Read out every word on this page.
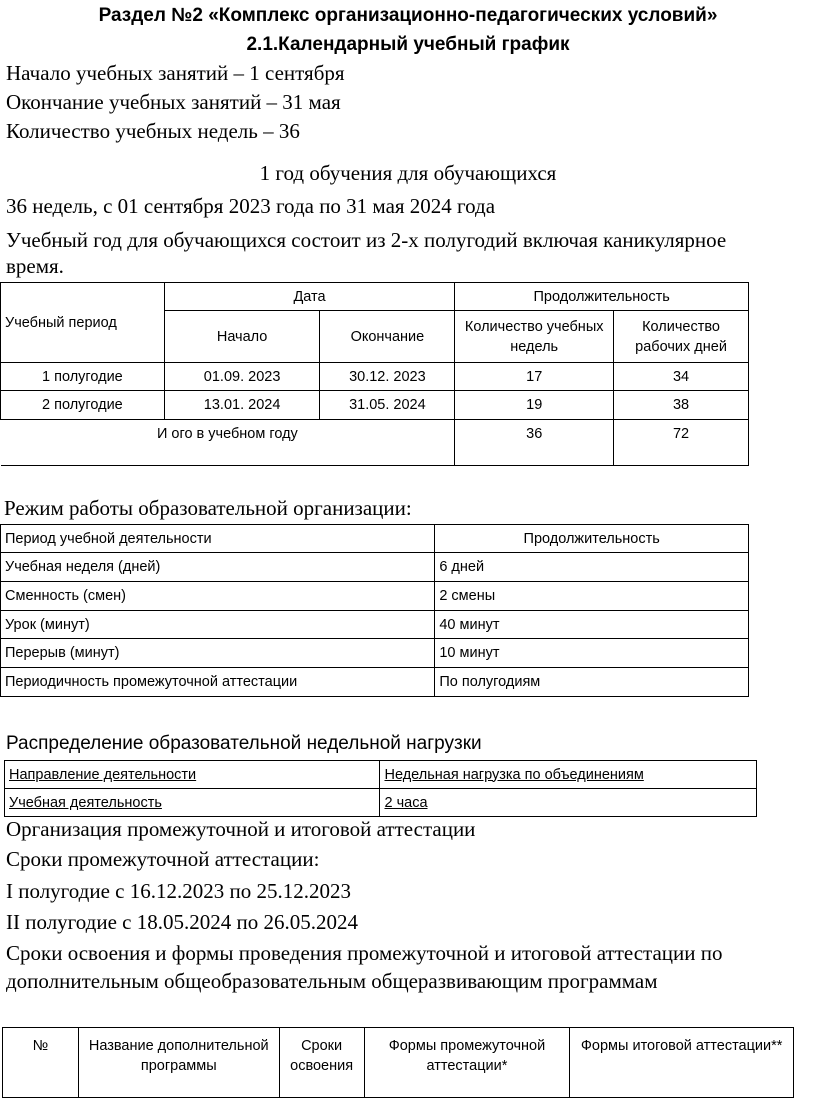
Раздел №2 «Комплекс организационно-педагогических условий»
2.1.Календарный учебный график
Начало учебных занятий – 1 сентября
Окончание учебных занятий – 31 мая
Количество учебных недель – 36
1 год обучения для обучающихся
36 недель, с 01 сентября 2023 года по 31 мая 2024 года
Учебный год для обучающихся состоит из 2-х полугодий включая каникулярное
время.
Учебный период	Дата		Продолжительность	
	Начало	Окончание	Количество учебных недель	Количество рабочих дней
1 полугодие	01.09. 2023	30.12. 2023	17	34
2 полугодие	13.01. 2024	31.05. 2024	19	38
И ого в учебном году			36	72
Режим работы образовательной организации:
Период учебной деятельности	Продолжительность
Учебная неделя (дней)	6 дней
Сменность (смен)	2 смены
Урок (минут)	40 минут
Перерыв (минут)	10 минут
Периодичность промежуточной аттестации	По полугодиям
Распределение образовательной недельной нагрузки
Направление деятельности	Недельная нагрузка по объединениям
Учебная деятельность	2 часа
Организация промежуточной и итоговой аттестации
Сроки промежуточной аттестации:
I полугодие с 16.12.2023 по 25.12.2023
II полугодие с 18.05.2024 по 26.05.2024
Сроки освоения и формы проведения промежуточной и итоговой аттестации по
дополнительным общеобразовательным общеразвивающим программам
№	Название дополнительной программы	Сроки освоения	Формы промежуточной аттестации*	Формы итоговой аттестации**
